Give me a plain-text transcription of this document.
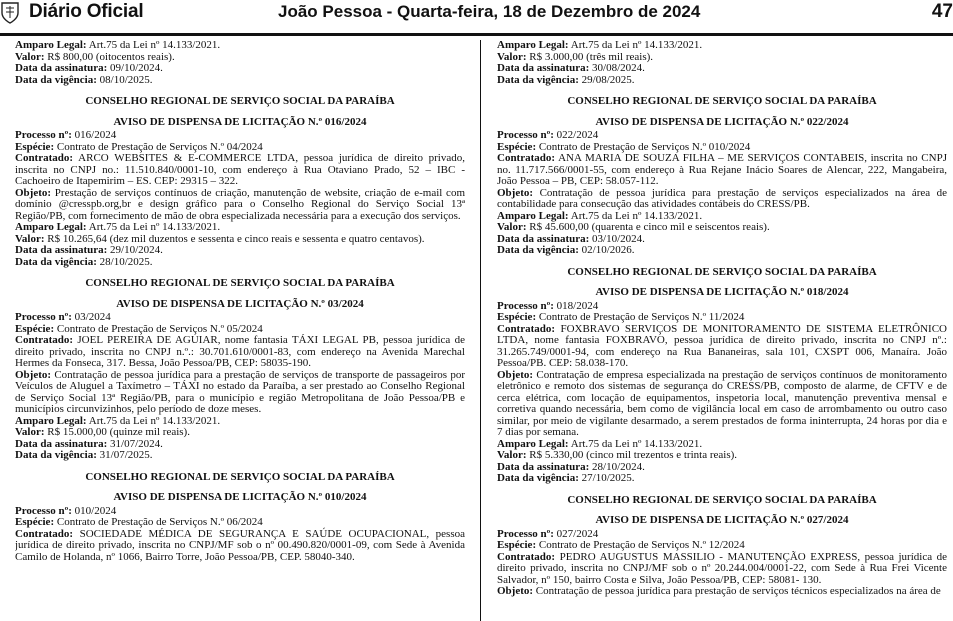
Diário Oficial	João Pessoa - Quarta-feira, 18 de Dezembro de 2024	47

Amparo Legal: Art.75 da Lei nº 14.133/2021.

Valor: R$ 800,00 (oitocentos reais).

Data da assinatura: 09/10/2024.

Data da vigência: 08/10/2025.

CONSELHO REGIONAL DE SERVIÇO SOCIAL DA PARAÍBA
AVISO DE DISPENSA DE LICITAÇÃO N.º 016/2024

Processo nº: 016/2024

Espécie: Contrato de Prestação de Serviços N.º 04/2024

Contratado: ARCO WEBSITES & E-COMMERCE LTDA, pessoa jurídica de direito privado, inscrita no CNPJ no.: 11.510.840/0001-10, com endereço à Rua Otaviano Prado, 52 – IBC - Cachoeiro de Itapemirim – ES. CEP: 29315 – 322.

Objeto: Prestação de serviços contínuos de criação, manutenção de website, criação de e-mail com domínio @cresspb.org,br e design gráfico para o Conselho Regional do Serviço Social 13ª Região/PB, com fornecimento de mão de obra especializada necessária para a execução dos serviços.

Amparo Legal: Art.75 da Lei nº 14.133/2021.

Valor: R$ 10.265,64 (dez mil duzentos e sessenta e cinco reais e sessenta e quatro centavos).

Data da assinatura: 29/10/2024.

Data da vigência: 28/10/2025.

CONSELHO REGIONAL DE SERVIÇO SOCIAL DA PARAÍBA
AVISO DE DISPENSA DE LICITAÇÃO N.º 03/2024

Processo nº: 03/2024

Espécie: Contrato de Prestação de Serviços N.º 05/2024

Contratado: JOEL PEREIRA DE AGUIAR, nome fantasia TÁXI LEGAL PB, pessoa jurídica de direito privado, inscrita no CNPJ n.º.: 30.701.610/0001-83, com endereço na Avenida Marechal Hermes da Fonseca, 317. Bessa, João Pessoa/PB, CEP: 58035-190.

Objeto: Contratação de pessoa jurídica para a prestação de serviços de transporte de passageiros por Veículos de Aluguel a Taxímetro – TÁXI no estado da Paraíba, a ser prestado ao Conselho Regional de Serviço Social 13ª Região/PB, para o município e região Metropolitana de João Pessoa/PB e municípios circunvizinhos, pelo período de doze meses.

Amparo Legal: Art.75 da Lei nº 14.133/2021.

Valor: R$ 15.000,00 (quinze mil reais).

Data da assinatura: 31/07/2024.

Data da vigência: 31/07/2025.

CONSELHO REGIONAL DE SERVIÇO SOCIAL DA PARAÍBA
AVISO DE DISPENSA DE LICITAÇÃO N.º 010/2024

Processo nº: 010/2024

Espécie: Contrato de Prestação de Serviços N.º 06/2024

Contratado: SOCIEDADE MÉDICA DE SEGURANÇA E SAÚDE OCUPACIONAL, pessoa jurídica de direito privado, inscrita no CNPJ/MF sob o nº 00.490.820/0001-09, com Sede à Avenida Camilo de Holanda, nº 1066, Bairro Torre, João Pessoa/PB, CEP. 58040-340.

Amparo Legal: Art.75 da Lei nº 14.133/2021.

Valor: R$ 3.000,00 (três mil reais).

Data da assinatura: 30/08/2024.

Data da vigência: 29/08/2025.

CONSELHO REGIONAL DE SERVIÇO SOCIAL DA PARAÍBA
AVISO DE DISPENSA DE LICITAÇÃO N.º 022/2024

Processo nº: 022/2024

Espécie: Contrato de Prestação de Serviços N.º 010/2024

Contratado: ANA MARIA DE SOUZA FILHA – ME SERVIÇOS CONTABEIS, inscrita no CNPJ no. 11.717.566/0001-55, com endereço à Rua Rejane Inácio Soares de Alencar, 222, Mangabeira, João Pessoa – PB, CEP: 58.057-112.

Objeto: Contratação de pessoa jurídica para prestação de serviços especializados na área de contabilidade para consecução das atividades contábeis do CRESS/PB.

Amparo Legal: Art.75 da Lei nº 14.133/2021.

Valor: R$ 45.600,00 (quarenta e cinco mil e seiscentos reais).

Data da assinatura: 03/10/2024.

Data da vigência: 02/10/2026.

CONSELHO REGIONAL DE SERVIÇO SOCIAL DA PARAÍBA
AVISO DE DISPENSA DE LICITAÇÃO N.º 018/2024

Processo nº: 018/2024

Espécie: Contrato de Prestação de Serviços N.º 11/2024

Contratado: FOXBRAVO SERVIÇOS DE MONITORAMENTO DE SISTEMA ELETRÔNICO LTDA, nome fantasia FOXBRAVO, pessoa jurídica de direito privado, inscrita no CNPJ nº.: 31.265.749/0001-94, com endereço na Rua Bananeiras, sala 101, CXSPT 006, Manaíra. João Pessoa/PB. CEP: 58.038-170.

Objeto: Contratação de empresa especializada na prestação de serviços contínuos de monitoramento eletrônico e remoto dos sistemas de segurança do CRESS/PB, composto de alarme, de CFTV e de cerca elétrica, com locação de equipamentos, inspetoria local, manutenção preventiva mensal e corretiva quando necessária, bem como de vigilância local em caso de arrombamento ou outro caso similar, por meio de vigilante desarmado, a serem prestados de forma ininterrupta, 24 horas por dia e 7 dias por semana.

Amparo Legal: Art.75 da Lei nº 14.133/2021.

Valor: R$ 5.330,00 (cinco mil trezentos e trinta reais).

Data da assinatura: 28/10/2024.

Data da vigência: 27/10/2025.

CONSELHO REGIONAL DE SERVIÇO SOCIAL DA PARAÍBA
AVISO DE DISPENSA DE LICITAÇÃO N.º 027/2024

Processo nº: 027/2024

Espécie: Contrato de Prestação de Serviços N.º 12/2024

Contratado: PEDRO AUGUSTUS MASSILIO - MANUTENÇÃO EXPRESS, pessoa jurídica de direito privado, inscrita no CNPJ/MF sob o nº 20.244.004/0001-22, com Sede à Rua Frei Vicente Salvador, nº 150, bairro Costa e Silva, João Pessoa/PB, CEP: 58081- 130.

Objeto: Contratação de pessoa jurídica para prestação de serviços técnicos especializados na área de
